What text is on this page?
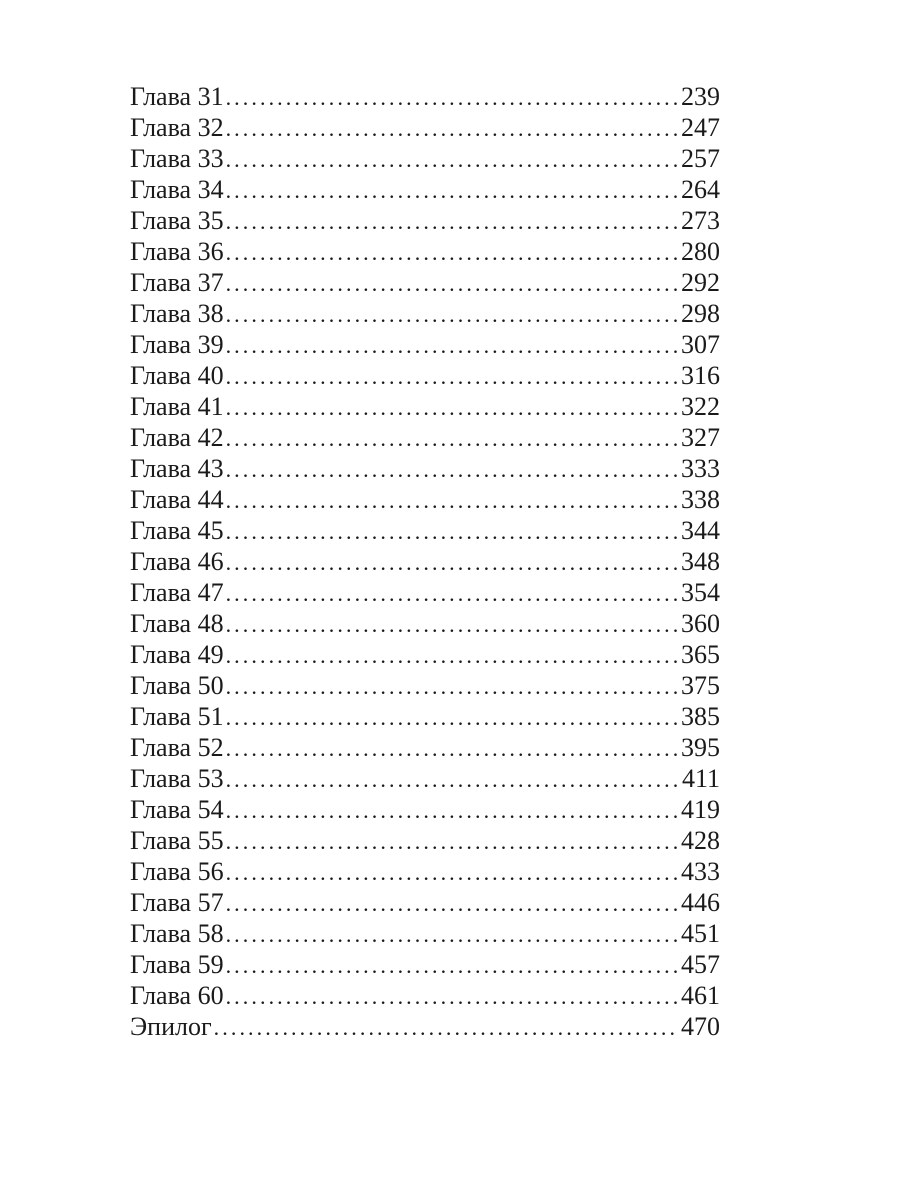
Глава 31 .....	239
Глава 32 .....	247
Глава 33 .....	257
Глава 34 .....	264
Глава 35 .....	273
Глава 36 .....	280
Глава 37 .....	292
Глава 38 .....	298
Глава 39 .....	307
Глава 40 .....	316
Глава 41 .....	322
Глава 42 .....	327
Глава 43 .....	333
Глава 44 .....	338
Глава 45 .....	344
Глава 46 .....	348
Глава 47 .....	354
Глава 48 .....	360
Глава 49 .....	365
Глава 50 .....	375
Глава 51 .....	385
Глава 52 .....	395
Глава 53 .....	411
Глава 54 .....	419
Глава 55 .....	428
Глава 56 .....	433
Глава 57 .....	446
Глава 58 .....	451
Глава 59 .....	457
Глава 60 .....	461
Эпилог .....	470
